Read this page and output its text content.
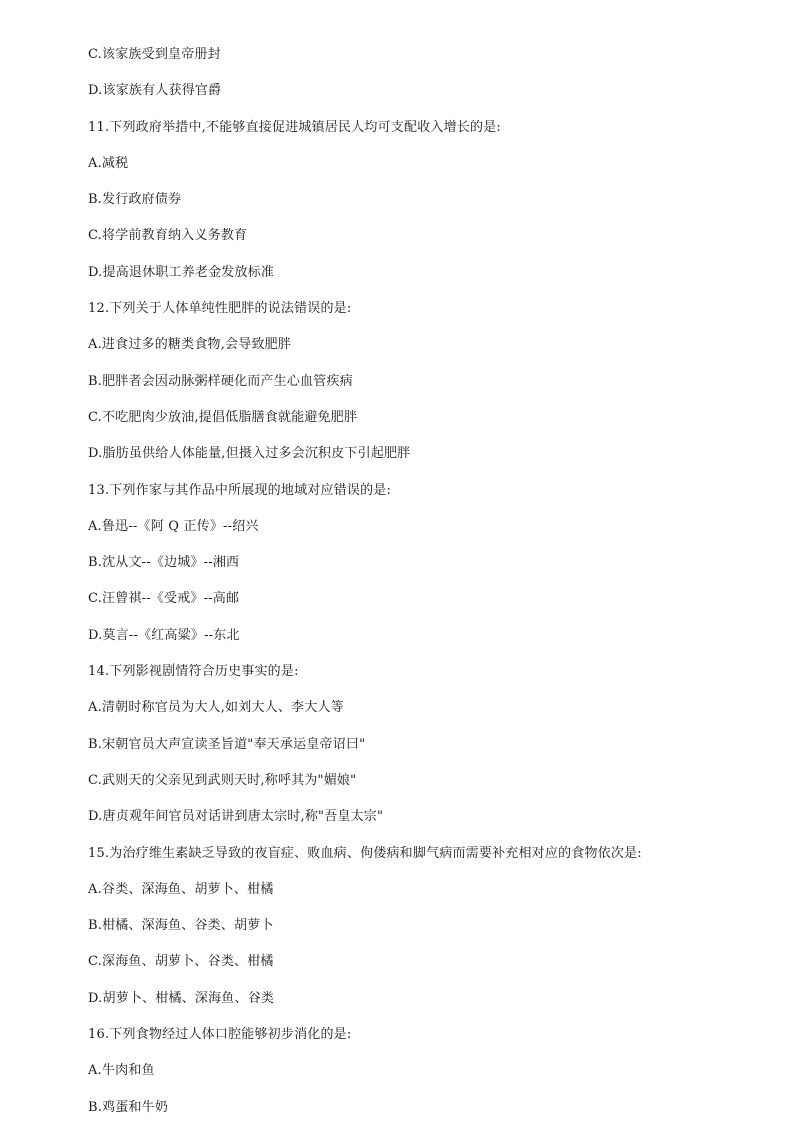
C.该家族受到皇帝册封
D.该家族有人获得官爵
11.下列政府举措中,不能够直接促进城镇居民人均可支配收入增长的是:
A.减税
B.发行政府债券
C.将学前教育纳入义务教育
D.提高退休职工养老金发放标准
12.下列关于人体单纯性肥胖的说法错误的是:
A.进食过多的糖类食物,会导致肥胖
B.肥胖者会因动脉粥样硬化而产生心血管疾病
C.不吃肥肉少放油,提倡低脂膳食就能避免肥胖
D.脂肪虽供给人体能量,但摄入过多会沉积皮下引起肥胖
13.下列作家与其作品中所展现的地域对应错误的是:
A.鲁迅--《阿 Q 正传》--绍兴
B.沈从文--《边城》--湘西
C.汪曾祺--《受戒》--高邮
D.莫言--《红高粱》--东北
14.下列影视剧情符合历史事实的是:
A.清朝时称官员为大人,如刘大人、李大人等
B.宋朝官员大声宣读圣旨道"奉天承运皇帝诏曰"
C.武则天的父亲见到武则天时,称呼其为"媚娘"
D.唐贞观年间官员对话讲到唐太宗时,称"吾皇太宗"
15.为治疗维生素缺乏导致的夜盲症、败血病、佝偻病和脚气病而需要补充相对应的食物依次是:
A.谷类、深海鱼、胡萝卜、柑橘
B.柑橘、深海鱼、谷类、胡萝卜
C.深海鱼、胡萝卜、谷类、柑橘
D.胡萝卜、柑橘、深海鱼、谷类
16.下列食物经过人体口腔能够初步消化的是:
A.牛肉和鱼
B.鸡蛋和牛奶
